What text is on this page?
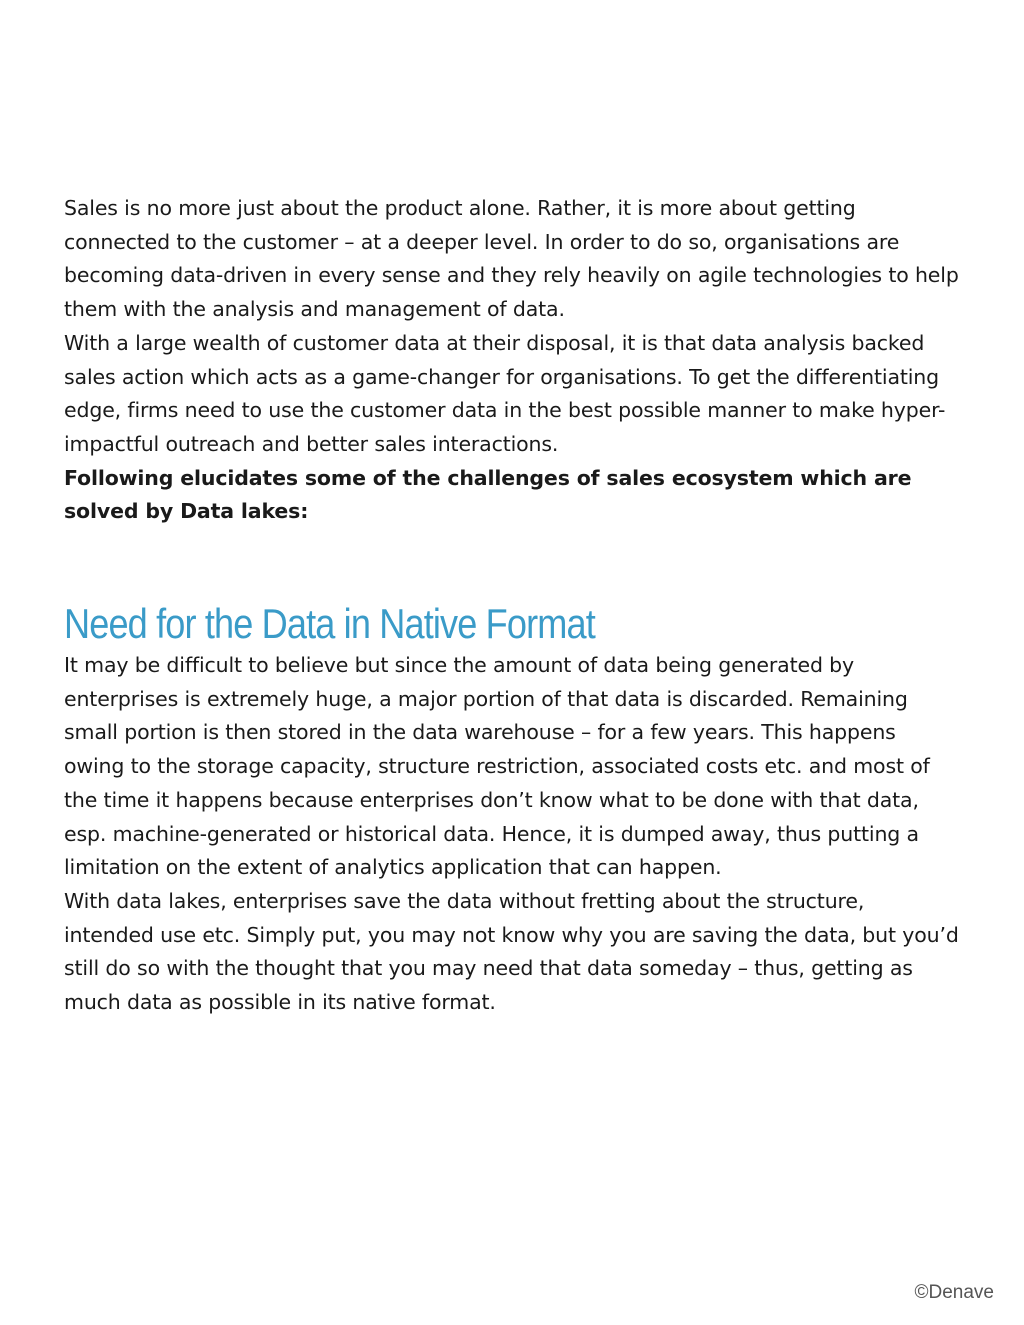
Sales is no more just about the product alone. Rather, it is more about getting connected to the customer – at a deeper level. In order to do so, organisations are becoming data-driven in every sense and they rely heavily on agile technologies to help them with the analysis and management of data.

With a large wealth of customer data at their disposal, it is that data analysis backed sales action which acts as a game-changer for organisations. To get the differentiating edge, firms need to use the customer data in the best possible manner to make hyper-impactful outreach and better sales interactions.

Following elucidates some of the challenges of sales ecosystem which are solved by Data lakes:

Need for the Data in Native Format

It may be difficult to believe but since the amount of data being generated by enterprises is extremely huge, a major portion of that data is discarded. Remaining small portion is then stored in the data warehouse – for a few years. This happens owing to the storage capacity, structure restriction, associated costs etc. and most of the time it happens because enterprises don’t know what to be done with that data, esp. machine-generated or historical data. Hence, it is dumped away, thus putting a limitation on the extent of analytics application that can happen.

With data lakes, enterprises save the data without fretting about the structure, intended use etc. Simply put, you may not know why you are saving the data, but you’d still do so with the thought that you may need that data someday – thus, getting as much data as possible in its native format.

©Denave
